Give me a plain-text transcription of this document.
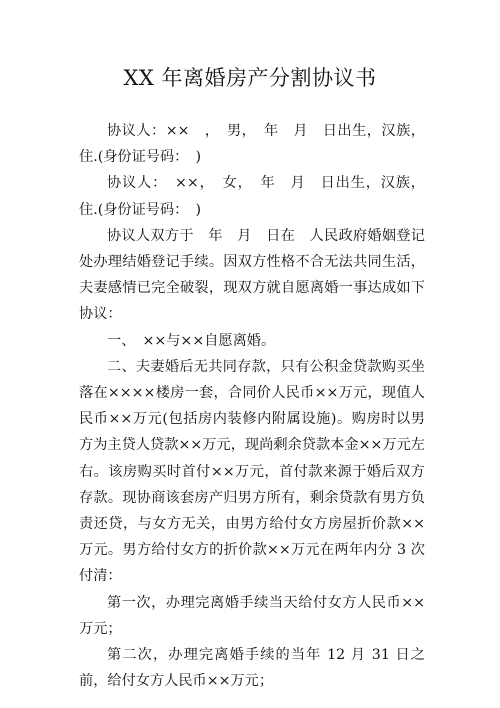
XX 年离婚房产分割协议书

协议人：××　，　男，　年　月　日出生，汉族，住.(身份证号码：　)

协议人：　××，　女，　年　月　日出生，汉族，住.(身份证号码：　)

协议人双方于　年　月　日在　人民政府婚姻登记处办理结婚登记手续。因双方性格不合无法共同生活，夫妻感情已完全破裂，现双方就自愿离婚一事达成如下协议：

一、　××与××自愿离婚。

二、夫妻婚后无共同存款，只有公积金贷款购买坐落在××××楼房一套，合同价人民币××万元，现值人民币××万元(包括房内装修内附属设施)。购房时以男方为主贷人贷款××万元，现尚剩余贷款本金××万元左右。该房购买时首付××万元，首付款来源于婚后双方存款。现协商该套房产归男方所有，剩余贷款有男方负责还贷，与女方无关，由男方给付女方房屋折价款××万元。男方给付女方的折价款××万元在两年内分 3 次付清：

第一次，办理完离婚手续当天给付女方人民币××万元；

第二次，办理完离婚手续的当年 12 月 31 日之前，给付女方人民币××万元；
